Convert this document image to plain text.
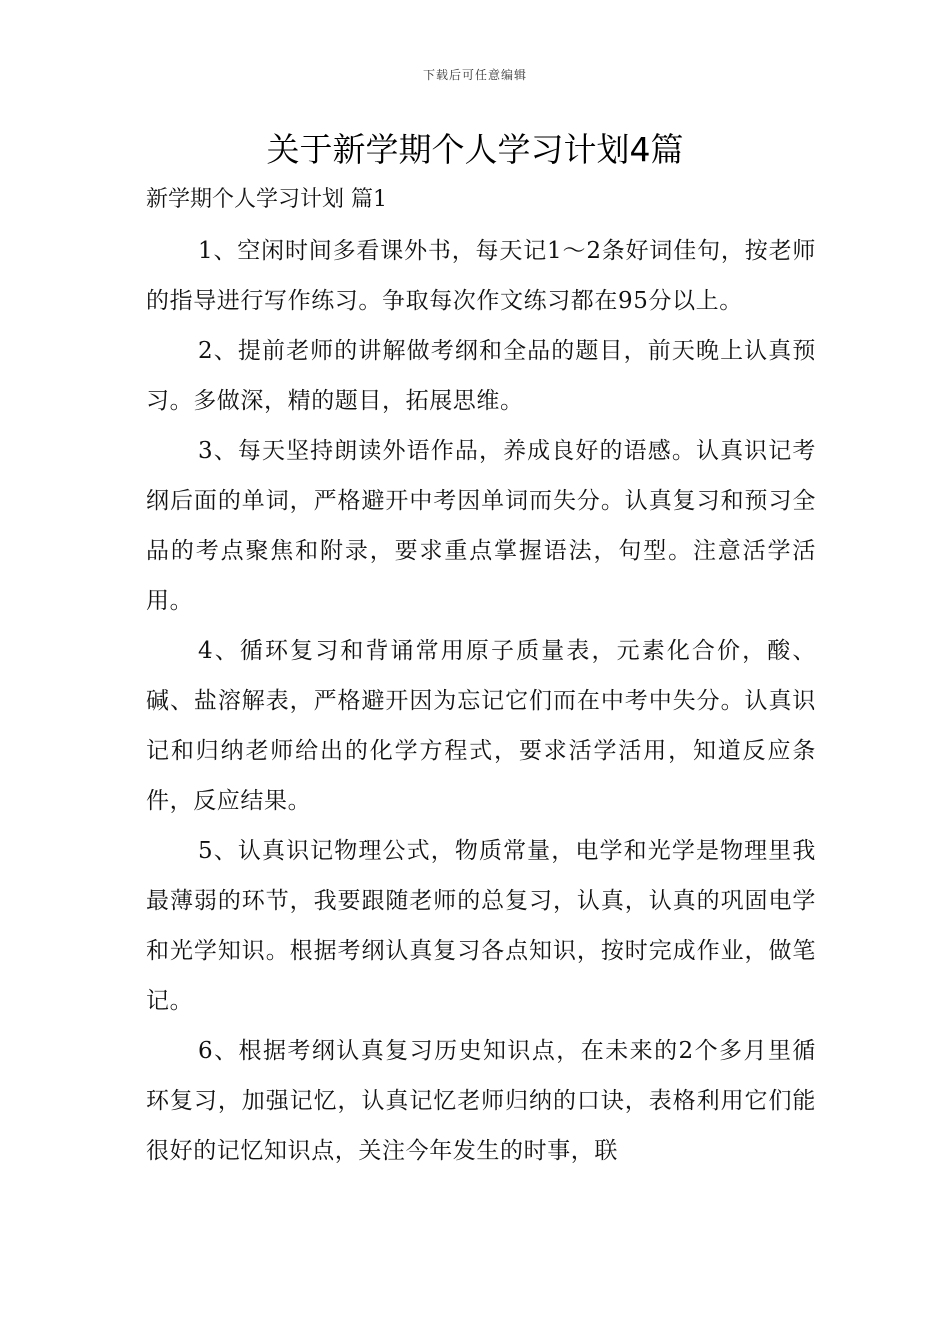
下载后可任意编辑
关于新学期个人学习计划4篇
新学期个人学习计划 篇1

1、空闲时间多看课外书，每天记1～2条好词佳句，按老师的指导进行写作练习。争取每次作文练习都在95分以上。

2、提前老师的讲解做考纲和全品的题目，前天晚上认真预习。多做深，精的题目，拓展思维。

3、每天坚持朗读外语作品，养成良好的语感。认真识记考纲后面的单词，严格避开中考因单词而失分。认真复习和预习全品的考点聚焦和附录，要求重点掌握语法，句型。注意活学活用。

4、循环复习和背诵常用原子质量表，元素化合价，酸、碱、盐溶解表，严格避开因为忘记它们而在中考中失分。认真识记和归纳老师给出的化学方程式，要求活学活用，知道反应条件，反应结果。

5、认真识记物理公式，物质常量，电学和光学是物理里我最薄弱的环节，我要跟随老师的总复习，认真，认真的巩固电学和光学知识。根据考纲认真复习各点知识，按时完成作业，做笔记。

6、根据考纲认真复习历史知识点，在未来的2个多月里循环复习，加强记忆，认真记忆老师归纳的口诀，表格利用它们能很好的记忆知识点，关注今年发生的时事，联
